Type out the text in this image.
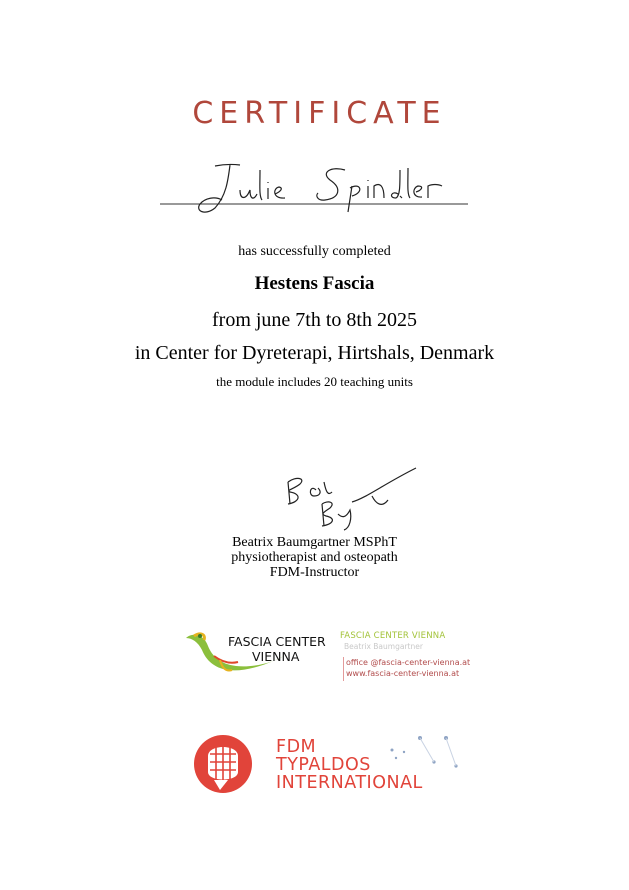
CERTIFICATE
has successfully completed
Hestens Fascia
from june 7th to 8th 2025
in Center for Dyreterapi, Hirtshals, Denmark
the module includes 20 teaching units
Beatrix Baumgartner MSPhT
physiotherapist and osteopath
FDM-Instructor
FASCIA CENTER
VIENNA
FASCIA CENTER VIENNA
Beatrix Baumgartner
office @fascia-center-vienna.at
www.fascia-center-vienna.at
FDM
TYPALDOS
INTERNATIONAL
